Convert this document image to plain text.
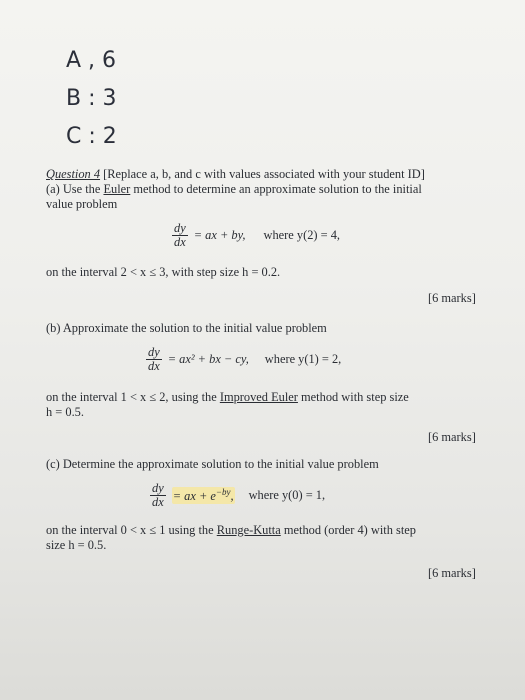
A , 6
B : 3
C : 2
Question 4 [Replace a, b, and c with values associated with your student ID]
(a) Use the Euler method to determine an approximate solution to the initial
value problem
$\frac{dy}{dx}$ = ax + by, where y(2) = 4,
on the interval 2 < x ≤ 3, with step size h = 0.2.
[6 marks]
(b) Approximate the solution to the initial value problem
$\frac{dy}{dx} = ax^2$ + bx − cy, where y(1) = 2,
on the interval 1 < x ≤ 2, using the Improved Euler method with step size
h = 0.5.
[6 marks]
(c) Determine the approximate solution to the initial value problem
$\frac{dy}{dx}$ = ax + $e^{-by}$, where y(0) = 1,
on the interval 0 < x ≤ 1 using the Runge-Kutta method (order 4) with step
size h = 0.5.
[6 marks]
